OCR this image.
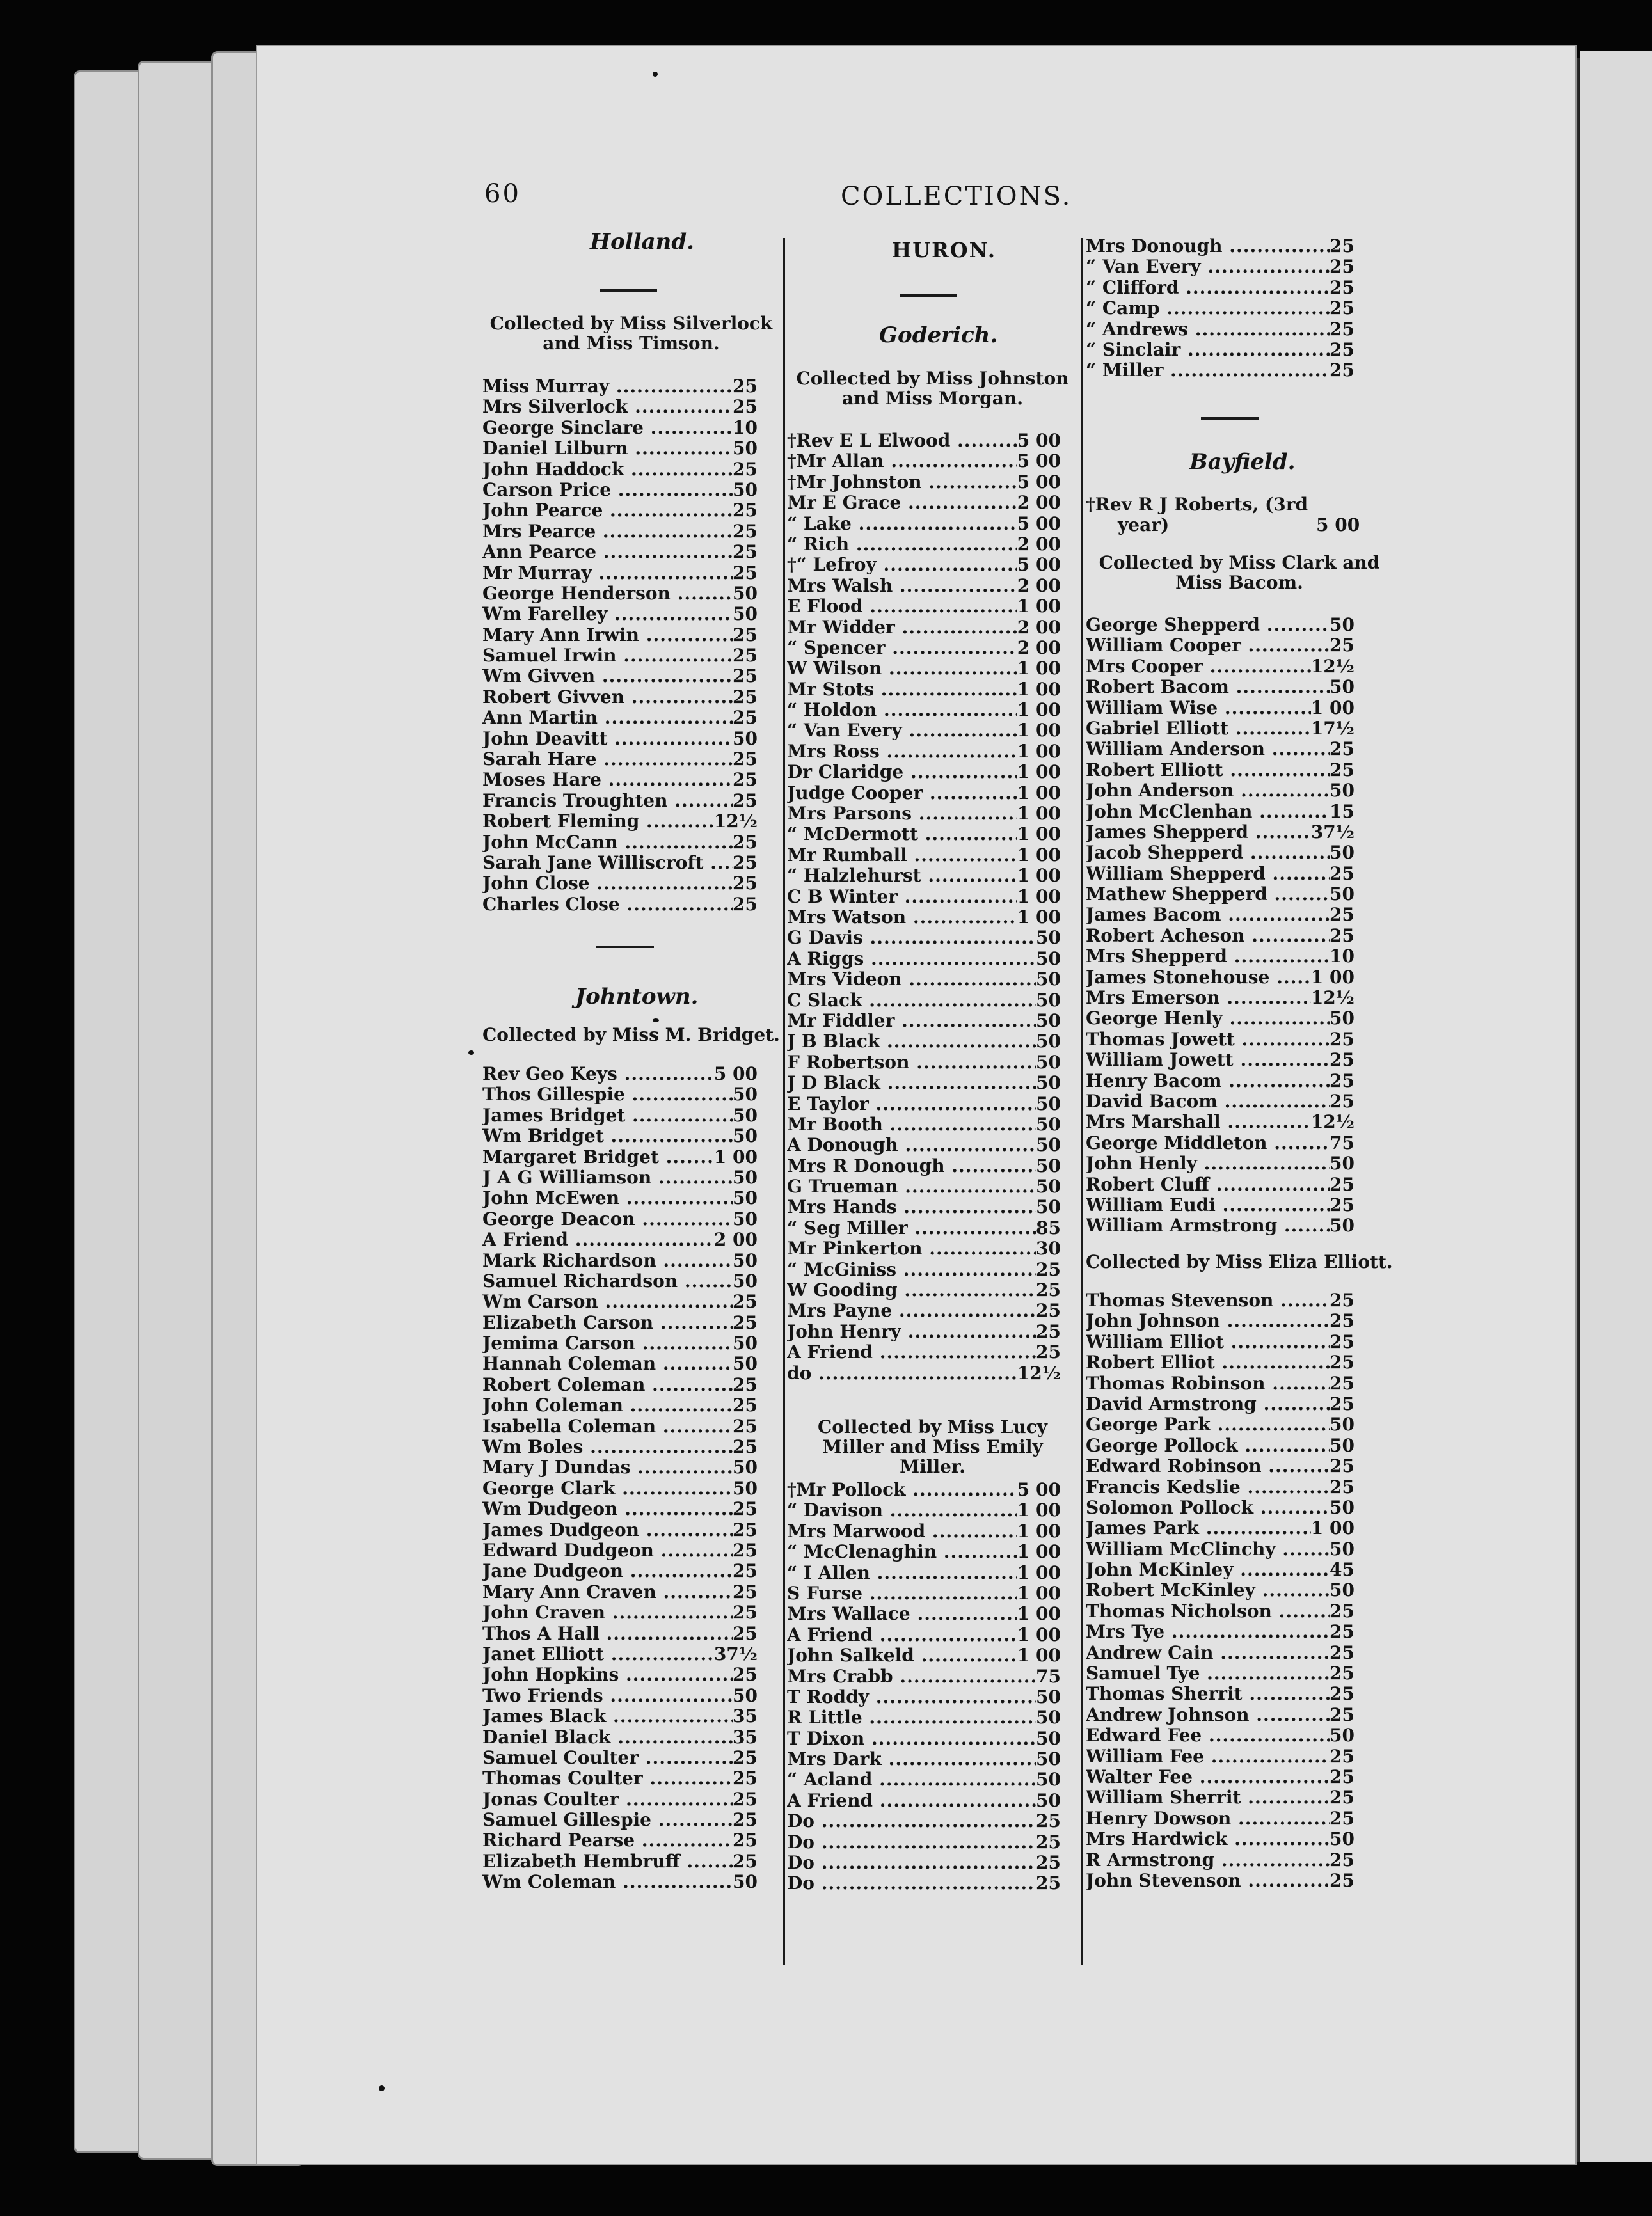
60	COLLECTIONS.
Holland.
Collected by Miss Silverlock and Miss Timson.
Miss Murray .....	25
Mrs Silverlock .....	25
George Sinclare .....	10
Daniel Lilburn .....	50
John Haddock .....	25
Carson Price .....	50
John Pearce .....	25
Mrs Pearce .....	25
Ann Pearce .....	25
Mr Murray .....	25
George Henderson .....	50
Wm Farelley .....	50
Mary Ann Irwin .....	25
Samuel Irwin .....	25
Wm Givven .....	25
Robert Givven .....	25
Ann Martin .....	25
John Deavitt .....	50
Sarah Hare .....	25
Moses Hare .....	25
Francis Troughten .....	25
Robert Fleming .....	12½
John McCann .....	25
Sarah Jane Williscroft .....	25
John Close .....	25
Charles Close .....	25
Johntown.
Collected by Miss M. Bridget.
Rev Geo Keys .....	5 00
Thos Gillespie .....	50
James Bridget .....	50
Wm Bridget .....	50
Margaret Bridget .....	1 00
J A G Williamson .....	50
John McEwen .....	50
George Deacon .....	50
A Friend .....	2 00
Mark Richardson .....	50
Samuel Richardson .....	50
Wm Carson .....	25
Elizabeth Carson .....	25
Jemima Carson .....	50
Hannah Coleman .....	50
Robert Coleman .....	25
John Coleman .....	25
Isabella Coleman .....	25
Wm Boles .....	25
Mary J Dundas .....	50
George Clark .....	50
Wm Dudgeon .....	25
James Dudgeon .....	25
Edward Dudgeon .....	25
Jane Dudgeon .....	25
Mary Ann Craven .....	25
John Craven .....	25
Thos A Hall .....	25
Janet Elliott .....	37½
John Hopkins .....	25
Two Friends .....	50
James Black .....	35
Daniel Black .....	35
Samuel Coulter .....	25
Thomas Coulter .....	25
Jonas Coulter .....	25
Samuel Gillespie .....	25
Richard Pearse .....	25
Elizabeth Hembruff .....	25
Wm Coleman .....	50
HURON.
Goderich.
Collected by Miss Johnston and Miss Morgan.
†Rev E L Elwood .....	5 00
†Mr Allan .....	5 00
†Mr Johnston .....	5 00
Mr E Grace .....	2 00
“ Lake .....	5 00
“ Rich .....	2 00
†“ Lefroy .....	5 00
Mrs Walsh .....	2 00
E Flood .....	1 00
Mr Widder .....	2 00
“ Spencer .....	2 00
W Wilson .....	1 00
Mr Stots .....	1 00
“ Holdon .....	1 00
“ Van Every .....	1 00
Mrs Ross .....	1 00
Dr Claridge .....	1 00
Judge Cooper .....	1 00
Mrs Parsons .....	1 00
“ McDermott .....	1 00
Mr Rumball .....	1 00
“ Halzlehurst .....	1 00
C B Winter .....	1 00
Mrs Watson .....	1 00
G Davis .....	50
A Riggs .....	50
Mrs Videon .....	50
C Slack .....	50
Mr Fiddler .....	50
J B Black .....	50
F Robertson .....	50
J D Black .....	50
E Taylor .....	50
Mr Booth .....	50
A Donough .....	50
Mrs R Donough .....	50
G Trueman .....	50
Mrs Hands .....	50
“ Seg Miller .....	85
Mr Pinkerton .....	30
“ McGiniss .....	25
W Gooding .....	25
Mrs Payne .....	25
John Henry .....	25
A Friend .....	25
do .....	12½
Collected by Miss Lucy Miller and Miss Emily Miller.
†Mr Pollock .....	5 00
“ Davison .....	1 00
Mrs Marwood .....	1 00
“ McClenaghin .....	1 00
“ I Allen .....	1 00
S Furse .....	1 00
Mrs Wallace .....	1 00
A Friend .....	1 00
John Salkeld .....	1 00
Mrs Crabb .....	75
T Roddy .....	50
R Little .....	50
T Dixon .....	50
Mrs Dark .....	50
“ Acland .....	50
A Friend .....	50
Do .....	25
Do .....	25
Do .....	25
Do .....	25
Mrs Donough .....	25
“ Van Every .....	25
“ Clifford .....	25
“ Camp .....	25
“ Andrews .....	25
“ Sinclair .....	25
“ Miller .....	25
Bayfield.
†Rev R J Roberts, (3rd
year)	5 00
Collected by Miss Clark and Miss Bacom.
George Shepperd .....	50
William Cooper .....	25
Mrs Cooper .....	12½
Robert Bacom .....	50
William Wise .....	1 00
Gabriel Elliott .....	17½
William Anderson .....	25
Robert Elliott .....	25
John Anderson .....	50
John McClenhan .....	15
James Shepperd .....	37½
Jacob Shepperd .....	50
William Shepperd .....	25
Mathew Shepperd .....	50
James Bacom .....	25
Robert Acheson .....	25
Mrs Shepperd .....	10
James Stonehouse .....	1 00
Mrs Emerson .....	12½
George Henly .....	50
Thomas Jowett .....	25
William Jowett .....	25
Henry Bacom .....	25
David Bacom .....	25
Mrs Marshall .....	12½
George Middleton .....	75
John Henly .....	50
Robert Cluff .....	25
William Eudi .....	25
William Armstrong .....	50
Collected by Miss Eliza Elliott.
Thomas Stevenson .....	25
John Johnson .....	25
William Elliot .....	25
Robert Elliot .....	25
Thomas Robinson .....	25
David Armstrong .....	25
George Park .....	50
George Pollock .....	50
Edward Robinson .....	25
Francis Kedslie .....	25
Solomon Pollock .....	50
James Park .....	1 00
William McClinchy .....	50
John McKinley .....	45
Robert McKinley .....	50
Thomas Nicholson .....	25
Mrs Tye .....	25
Andrew Cain .....	25
Samuel Tye .....	25
Thomas Sherrit .....	25
Andrew Johnson .....	25
Edward Fee .....	50
William Fee .....	25
Walter Fee .....	25
William Sherrit .....	25
Henry Dowson .....	25
Mrs Hardwick .....	50
R Armstrong .....	25
John Stevenson .....	25
